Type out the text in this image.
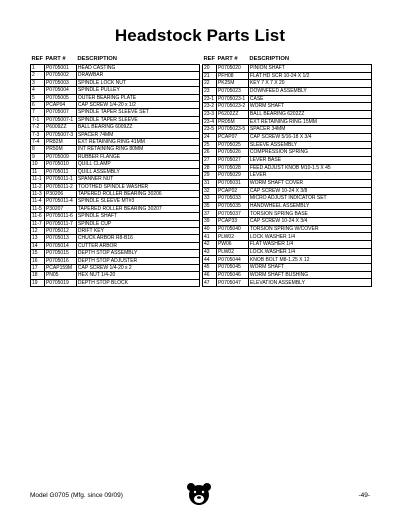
Headstock Parts List
REF	PART #	DESCRIPTION
1	P0705001	HEAD CASTING
2	P0705002	DRAWBAR
3	P0705003	SPINDLE LOCK NUT
4	P0705004	SPINDLE PULLEY
5	P0705005	OUTER BEARING PLATE
6	PCAP04	CAP SCREW 1/4-20 x 1/2
7	P0705007	SPINDLE TAPER SLEEVE SET
7-1	P0705007-1	SPINDLE TAPER SLEEVE
7-2	P6009ZZ	BALL BEARING 6009ZZ
7-3	P0705007-3	SPACER 74MM
7-4	PR82M	EXT RETAINING RING 41MM
8	PR50M	INT RETAINING RING 80MM
9	P0705009	RUBBER FLANGE
10	P0705010	QUILL CLAMP
11	P0705011	QUILL ASSEMBLY
11-1	P0705011-1	SPANNER NUT
11-2	P0705011-2	TOOTHED SPINDLE WASHER
11-3	P30206	TAPERED ROLLER BEARING 30206
11-4	P0705011-4	SPINDLE SLEEVE MT#3
11-5	P30207	TAPERED ROLLER BEARING 30207
11-6	P0705011-6	SPINDLE SHAFT
11-7	P0705011-7	SPINDLE CUP
12	P0705012	DRIFT KEY
13	P0705013	CHUCK ARBOR R8-B16
14	P0705014	CUTTER ARBOR
15	P0705015	DEPTH STOP ASSEMBLY
16	P0705016	DEPTH STOP ADJUSTER
17	PCAP159M	CAP SCREW 1/4-20 x 2
18	PN05	HEX NUT 1/4-20
19	P0705019	DEPTH STOP BLOCK
REF	PART #	DESCRIPTION
20	P0705020	PINION SHAFT
21	PFH08	FLAT HD SCR 10-24 X 1/2
22	PK25M	KEY 7 X 7 X 20
23	P0705023	DOWNFEED ASSEMBLY
23-1	P0705023-1	CASE
23-2	P0705023-2	WORM SHAFT
23-3	P6202ZZ	BALL BEARING 6202ZZ
23-4	PR05M	EXT RETAINING RING 15MM
23-5	P0705023-5	SPACER 34MM
24	PCAP07	CAP SCREW 5/16-18 X 3/4
25	P0705025	SLEEVE ASSEMBLY
26	P0705026	COMPRESSION SPRING
27	P0705027	LEVER BASE
28	P0705028	FEED ADJUST KNOB M10-1.5 X 45
29	P0705029	LEVER
31	P0705031	WORM SHAFT COVER
32	PCAP02	CAP SCREW 10-24 X 3/8
33	P0705033	MICRO ADJUST INDICATOR SET
35	P0705035	HANDWHEEL ASSEMBLY
37	P0705037	TORSION SPRING BASE
39	PCAP33	CAP SCREW 10-24 X 3/4
40	P0705040	TORSION SPRING W/COVER
41	PLW02	LOCK WASHER 1/4
42	PW06	FLAT WASHER 1/4
43	PLW02	LOCK WASHER 1/4
44	P0705044	KNOB BOLT M8-1.25 X 12
45	P0705045	WORM SHAFT
46	P0705046	WORM SHAFT BUSHING
47	P0705047	ELEVATION ASSEMBLY
Model G0705 (Mfg. since 09/09)	-49-
